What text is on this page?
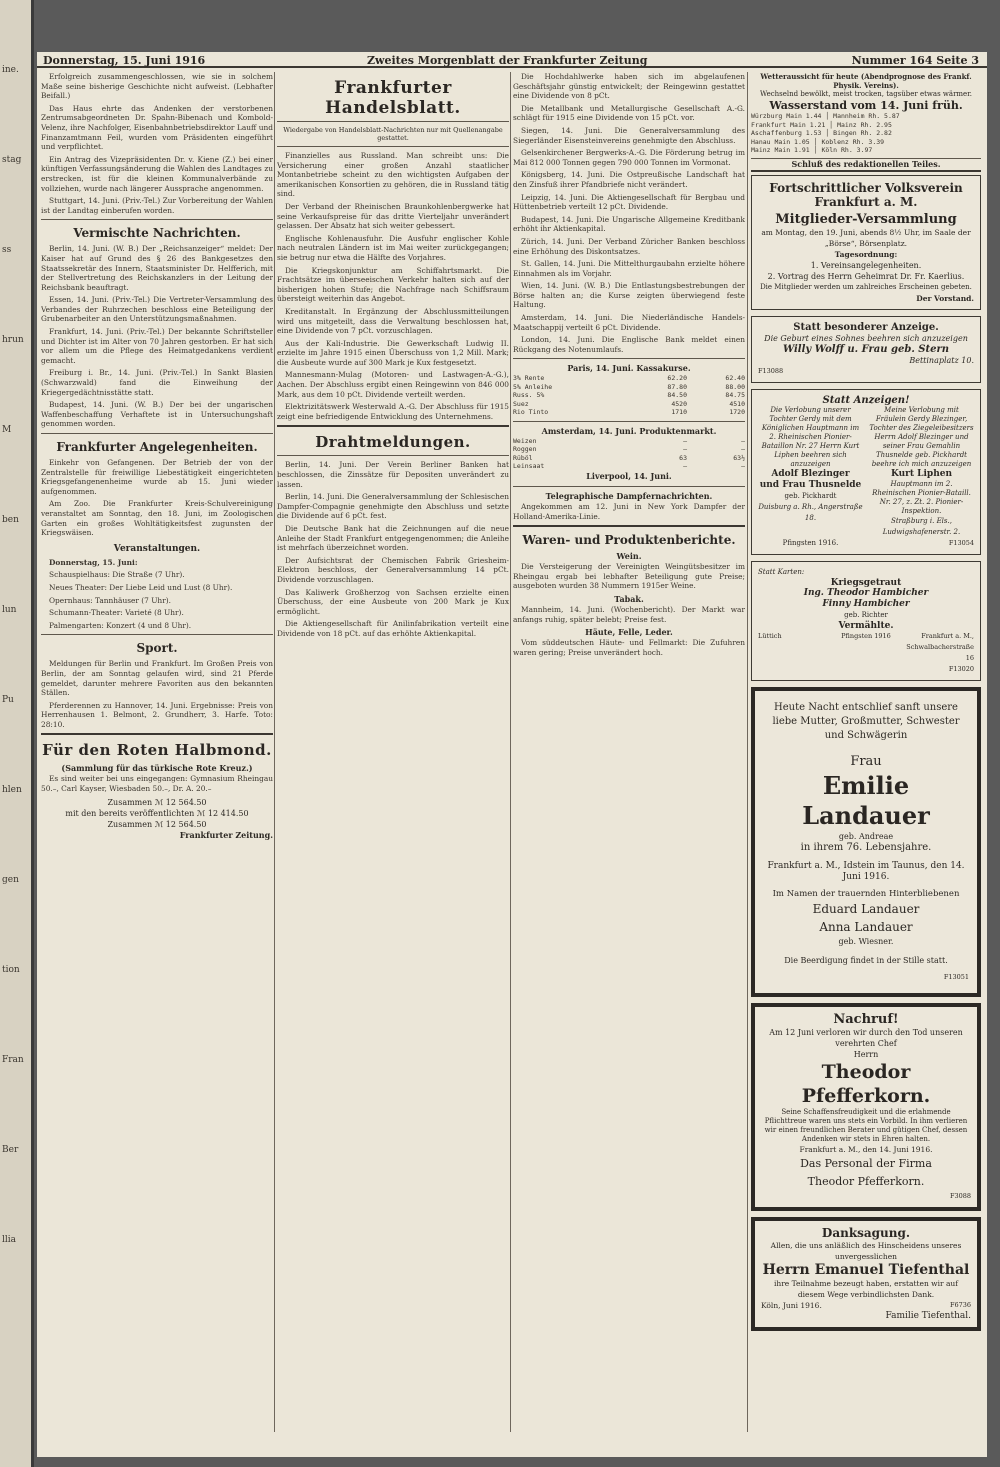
ine.
stag
ss
hrun
M
ben
lun
Pu
hlen
gen
tion
Fran
Ber
llia
Donnerstag, 15. Juni 1916	Zweites Morgenblatt der Frankfurter Zeitung	Nummer 164 Seite 3

Erfolgreich zusammengeschlossen, wie sie in solchem Maße seine bisherige Geschichte nicht aufweist. (Lebhafter Beifall.)

Das Haus ehrte das Andenken der verstorbenen Zentrumsabgeordneten Dr. Spahn-Bibenach und Kombold-Velenz, ihre Nachfolger, Eisenbahnbetriebsdirektor Lauff und Finanzamtmann Feil, wurden vom Präsidenten eingeführt und verpflichtet.

Ein Antrag des Vizepräsidenten Dr. v. Kiene (Z.) bei einer künftigen Verfassungsänderung die Wahlen des Landtages zu erstrecken, ist für die kleinen Kommunalverbände zu vollziehen, wurde nach längerer Aussprache angenommen.

Stuttgart, 14. Juni. (Priv.-Tel.) Zur Vorbereitung der Wahlen ist der Landtag einberufen worden.

Vermischte Nachrichten.

Berlin, 14. Juni. (W. B.) Der „Reichsanzeiger“ meldet: Der Kaiser hat auf Grund des § 26 des Bankgesetzes den Staatssekretär des Innern, Staatsminister Dr. Helfferich, mit der Stellvertretung des Reichskanzlers in der Leitung der Reichsbank beauftragt.

Essen, 14. Juni. (Priv.-Tel.) Die Vertreter-Versammlung des Verbandes der Ruhrzechen beschloss eine Beteiligung der Grubenarbeiter an den Unterstützungsmaßnahmen.

Frankfurt, 14. Juni. (Priv.-Tel.) Der bekannte Schriftsteller und Dichter ist im Alter von 70 Jahren gestorben. Er hat sich vor allem um die Pflege des Heimatgedankens verdient gemacht.

Freiburg i. Br., 14. Juni. (Priv.-Tel.) In Sankt Blasien (Schwarzwald) fand die Einweihung der Kriegergedächtnisstätte statt.

Budapest, 14. Juni. (W. B.) Der bei der ungarischen Waffenbeschaffung Verhaftete ist in Untersuchungshaft genommen worden.

Frankfurter Angelegenheiten.

Einkehr von Gefangenen. Der Betrieb der von der Zentralstelle für freiwillige Liebestätigkeit eingerichteten Kriegsgefangenenheime wurde ab 15. Juni wieder aufgenommen.

Am Zoo. Die Frankfurter Kreis-Schulvereinigung veranstaltet am Sonntag, den 18. Juni, im Zoologischen Garten ein großes Wohltätigkeitsfest zugunsten der Kriegswäisen.

Veranstaltungen.

Donnerstag, 15. Juni:

Schauspielhaus: Die Straße (7 Uhr).

Neues Theater: Der Liebe Leid und Lust (8 Uhr).

Opernhaus: Tannhäuser (7 Uhr).

Schumann-Theater: Varieté (8 Uhr).

Palmengarten: Konzert (4 und 8 Uhr).

Sport.

Meldungen für Berlin und Frankfurt. Im Großen Preis von Berlin, der am Sonntag gelaufen wird, sind 21 Pferde gemeldet, darunter mehrere Favoriten aus den bekannten Ställen.

Pferderennen zu Hannover, 14. Juni. Ergebnisse: Preis von Herrenhausen 1. Belmont, 2. Grundherr, 3. Harfe. Toto: 28:10.

Für den Roten Halbmond.
(Sammlung für das türkische Rote Kreuz.)

Es sind weiter bei uns eingegangen: Gymnasium Rheingau 50.–, Carl Kayser, Wiesbaden 50.–, Dr. A. 20.–

Zusammen ℳ 12 564.50
mit den bereits veröffentlichten ℳ 12 414.50
Zusammen ℳ 12 564.50
Frankfurter Zeitung.
Frankfurter Handelsblatt.
Wiedergabe von Handelsblatt-Nachrichten nur mit Quellenangabe gestattet.

Finanzielles aus Russland. Man schreibt uns: Die Versicherung einer großen Anzahl staatlicher Montanbetriebe scheint zu den wichtigsten Aufgaben der amerikanischen Konsortien zu gehören, die in Russland tätig sind.

Der Verband der Rheinischen Braunkohlenbergwerke hat seine Verkaufspreise für das dritte Vierteljahr unverändert gelassen. Der Absatz hat sich weiter gebessert.

Englische Kohlenausfuhr. Die Ausfuhr englischer Kohle nach neutralen Ländern ist im Mai weiter zurückgegangen; sie betrug nur etwa die Hälfte des Vorjahres.

Die Kriegskonjunktur am Schiffahrtsmarkt. Die Frachtsätze im überseeischen Verkehr halten sich auf der bisherigen hohen Stufe; die Nachfrage nach Schiffsraum übersteigt weiterhin das Angebot.

Kreditanstalt. In Ergänzung der Abschlussmitteilungen wird uns mitgeteilt, dass die Verwaltung beschlossen hat, eine Dividende von 7 pCt. vorzuschlagen.

Aus der Kali-Industrie. Die Gewerkschaft Ludwig II. erzielte im Jahre 1915 einen Überschuss von 1,2 Mill. Mark; die Ausbeute wurde auf 300 Mark je Kux festgesetzt.

Mannesmann-Mulag (Motoren- und Lastwagen-A.-G.), Aachen. Der Abschluss ergibt einen Reingewinn von 846 000 Mark, aus dem 10 pCt. Dividende verteilt werden.

Elektrizitätswerk Westerwald A.-G. Der Abschluss für 1915 zeigt eine befriedigende Entwicklung des Unternehmens.

Drahtmeldungen.

Berlin, 14. Juni. Der Verein Berliner Banken hat beschlossen, die Zinssätze für Depositen unverändert zu lassen.

Berlin, 14. Juni. Die Generalversammlung der Schlesischen Dampfer-Compagnie genehmigte den Abschluss und setzte die Dividende auf 6 pCt. fest.

Die Deutsche Bank hat die Zeichnungen auf die neue Anleihe der Stadt Frankfurt entgegengenommen; die Anleihe ist mehrfach überzeichnet worden.

Der Aufsichtsrat der Chemischen Fabrik Griesheim-Elektron beschloss, der Generalversammlung 14 pCt. Dividende vorzuschlagen.

Das Kaliwerk Großherzog von Sachsen erzielte einen Überschuss, der eine Ausbeute von 200 Mark je Kux ermöglicht.

Die Aktiengesellschaft für Anilinfabrikation verteilt eine Dividende von 18 pCt. auf das erhöhte Aktienkapital.

Die Hochdahlwerke haben sich im abgelaufenen Geschäftsjahr günstig entwickelt; der Reingewinn gestattet eine Dividende von 8 pCt.

Die Metallbank und Metallurgische Gesellschaft A.-G. schlägt für 1915 eine Dividende von 15 pCt. vor.

Siegen, 14. Juni. Die Generalversammlung des Siegerländer Eisensteinvereins genehmigte den Abschluss.

Gelsenkirchener Bergwerks-A.-G. Die Förderung betrug im Mai 812 000 Tonnen gegen 790 000 Tonnen im Vormonat.

Königsberg, 14. Juni. Die Ostpreußische Landschaft hat den Zinsfuß ihrer Pfandbriefe nicht verändert.

Leipzig, 14. Juni. Die Aktiengesellschaft für Bergbau und Hüttenbetrieb verteilt 12 pCt. Dividende.

Budapest, 14. Juni. Die Ungarische Allgemeine Kreditbank erhöht ihr Aktienkapital.

Zürich, 14. Juni. Der Verband Züricher Banken beschloss eine Erhöhung des Diskontsatzes.

St. Gallen, 14. Juni. Die Mittelthurgaubahn erzielte höhere Einnahmen als im Vorjahr.

Wien, 14. Juni. (W. B.) Die Entlastungsbestrebungen der Börse halten an; die Kurse zeigten überwiegend feste Haltung.

Amsterdam, 14. Juni. Die Niederländische Handels-Maatschappij verteilt 6 pCt. Dividende.

London, 14. Juni. Die Englische Bank meldet einen Rückgang des Notenumlaufs.

Paris, 14. Juni. Kassakurse.
3% Rente	62.20	62.40
5% Anleihe	87.80	88.00
Russ. 5%	84.50	84.75
Suez	4520	4510
Rio Tinto	1710	1720
Amsterdam, 14. Juni. Produktenmarkt.
Weizen	—	—
Roggen	—	—
Rüböl	63	63½
Leinsaat	—	—
Liverpool, 14. Juni.
Telegraphische Dampfernachrichten.

Angekommen am 12. Juni in New York Dampfer der Holland-Amerika-Linie.

Waren- und Produktenberichte.
Wein.

Die Versteigerung der Vereinigten Weingütsbesitzer im Rheingau ergab bei lebhafter Beteiligung gute Preise; ausgeboten wurden 38 Nummern 1915er Weine.

Tabak.

Mannheim, 14. Juni. (Wochenbericht). Der Markt war anfangs ruhig, später belebt; Preise fest.

Häute, Felle, Leder.

Vom süddeutschen Häute- und Fellmarkt: Die Zufuhren waren gering; Preise unverändert hoch.

Wetteraussicht für heute (Abendprognose des Frankf. Physik. Vereins).
Wechselnd bewölkt, meist trocken, tagsüber etwas wärmer.
Wasserstand vom 14. Juni früh.

Würzburg Main 1.44 │ Mannheim Rh. 5.87

Frankfurt Main 1.21 │ Mainz Rh. 2.95

Aschaffenburg 1.53 │ Bingen Rh. 2.82

Hanau Main 1.05 │ Koblenz Rh. 3.39

Mainz Main 1.91 │ Köln Rh. 3.97

Schluß des redaktionellen Teiles.
Fortschrittlicher Volksverein Frankfurt a. M.
Mitglieder-Versammlung
am Montag, den 19. Juni, abends 8½ Uhr, im Saale der „Börse“, Börsenplatz.
Tagesordnung:

1. Vereinsangelegenheiten.

2. Vortrag des Herrn Geheimrat Dr. Fr. Kaerlius.

Die Mitglieder werden um zahlreiches Erscheinen gebeten.
Der Vorstand.
Statt besonderer Anzeige.
Die Geburt eines Sohnes beehren sich anzuzeigen
Willy Wolff u. Frau geb. Stern
Bettinaplatz 10.
F13088
Statt Anzeigen!
Die Verlobung unserer Tochter Gerdy mit dem Königlichen Hauptmann im 2. Rheinischen Pionier-Bataillon Nr. 27 Herrn Kurt Liphen beehren sich anzuzeigen
Adolf Blezinger
und Frau Thusnelde
geb. Pickhardt
Duisburg a. Rh., Angerstraße 18.
Meine Verlobung mit Fräulein Gerdy Blezinger, Tochter des Ziegeleibesitzers Herrn Adolf Blezinger und seiner Frau Gemahlin Thusnelde geb. Pickhardt beehre ich mich anzuzeigen
Kurt Liphen
Hauptmann im 2. Rheinischen Pionier-Bataill. Nr. 27, z. Zt. 2. Pionier-Inspektion.
Straßburg i. Els., Ludwigshafenerstr. 2.
Pfingsten 1916.	F13054
Statt Karten:
Kriegsgetraut
Ing. Theodor Hambicher
Finny Hambicher
geb. Richter
Vermählte.
Lüttich	Pfingsten 1916	Frankfurt a. M., Schwalbacherstraße 16
F13020
Heute Nacht entschlief sanft unsere liebe Mutter, Großmutter, Schwester und Schwägerin
Frau
Emilie Landauer
geb. Andreae
in ihrem 76. Lebensjahre.
Frankfurt a. M., Idstein im Taunus, den 14. Juni 1916.
Im Namen der trauernden Hinterbliebenen
Eduard Landauer
Anna Landauer
geb. Wiesner.
Die Beerdigung findet in der Stille statt.
F13051
Nachruf!
Am 12 Juni verloren wir durch den Tod unseren verehrten Chef
Herrn
Theodor Pfefferkorn.
Seine Schaffensfreudigkeit und die erlahmende Pflichttreue waren uns stets ein Vorbild. In ihm verlieren wir einen freundlichen Berater und gütigen Chef, dessen Andenken wir stets in Ehren halten.
Frankfurt a. M., den 14. Juni 1916.
Das Personal der Firma
Theodor Pfefferkorn.
F3088
Danksagung.
Allen, die uns anläßlich des Hinscheidens unseres unvergesslichen
Herrn Emanuel Tiefenthal
ihre Teilnahme bezeugt haben, erstatten wir auf diesem Wege verbindlichsten Dank.
Köln, Juni 1916.	F6736
Familie Tiefenthal.
